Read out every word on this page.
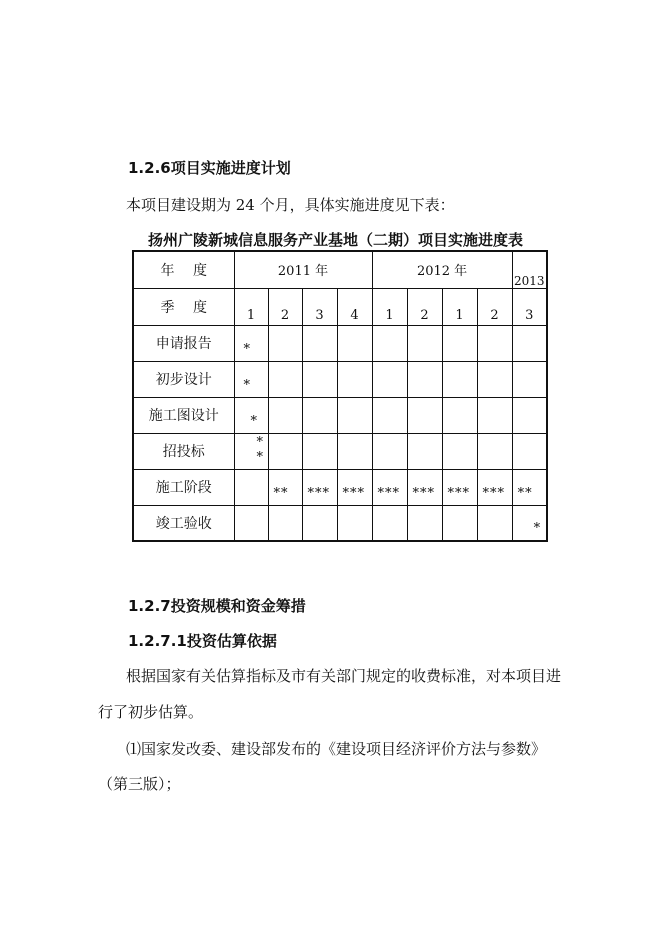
1.2.6项目实施进度计划
本项目建设期为 24 个月，具体实施进度见下表：
扬州广陵新城信息服务产业基地（二期）项目实施进度表
年　 度	2011 年				2012 年				2013
季　 度	1	2	3	4	1	2	1	2	3
申请报告	*								

初步设计	*								

施工图设计	*								

招投标	* *								

施工阶段		**	***	***	***	***	***	***	**

竣工验收									*
1.2.7投资规模和资金筹措
1.2.7.1投资估算依据
根据国家有关估算指标及市有关部门规定的收费标准，对本项目进
行了初步估算。
⑴国家发改委、建设部发布的《建设项目经济评价方法与参数》
（第三版）；
